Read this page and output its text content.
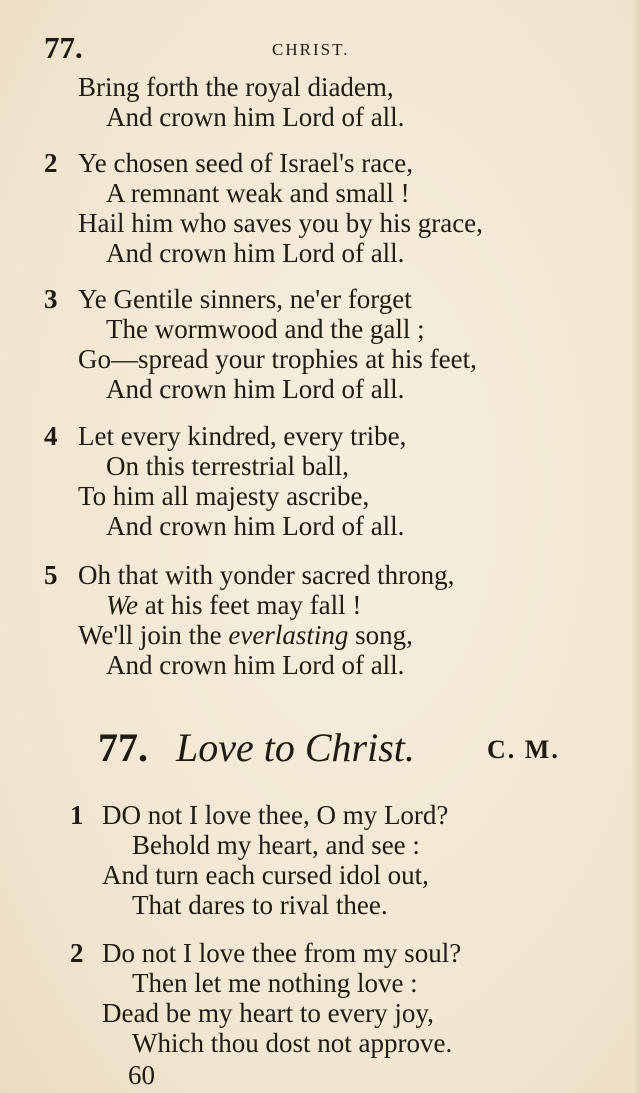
77.	CHRIST.
Bring forth the royal diadem,
And crown him Lord of all.
2 Ye chosen seed of Israel's race,
A remnant weak and small !
Hail him who saves you by his grace,
And crown him Lord of all.
3 Ye Gentile sinners, ne'er forget
The wormwood and the gall ;
Go—spread your trophies at his feet,
And crown him Lord of all.
4 Let every kindred, every tribe,
On this terrestrial ball,
To him all majesty ascribe,
And crown him Lord of all.
5 Oh that with yonder sacred throng,
We at his feet may fall !
We'll join the everlasting song,
And crown him Lord of all.
77. Love to Christ.	C. M.
1 DO not I love thee, O my Lord?
Behold my heart, and see :
And turn each cursed idol out,
That dares to rival thee.
2 Do not I love thee from my soul?
Then let me nothing love :
Dead be my heart to every joy,
Which thou dost not approve.
60
